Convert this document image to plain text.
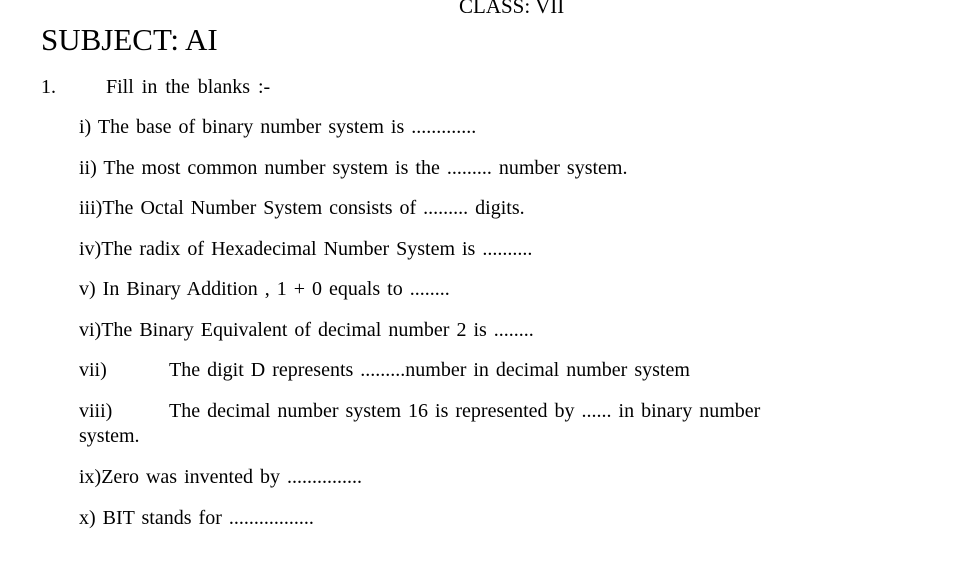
CLASS: VII
SUBJECT: AI
1.	Fill in the blanks :-
i) The base of binary number system is .............
ii) The most common number system is the ......... number system.
iii)The Octal Number System consists of ......... digits.
iv)The radix of Hexadecimal Number System is ..........
v) In Binary Addition , 1 + 0 equals to ........
vi)The Binary Equivalent of decimal number 2 is ........
vii)	The digit D represents .........number in decimal number system
viii)	The decimal number system 16 is represented by ...... in binary number
system.
ix)Zero was invented by ...............
x) BIT stands for .................
